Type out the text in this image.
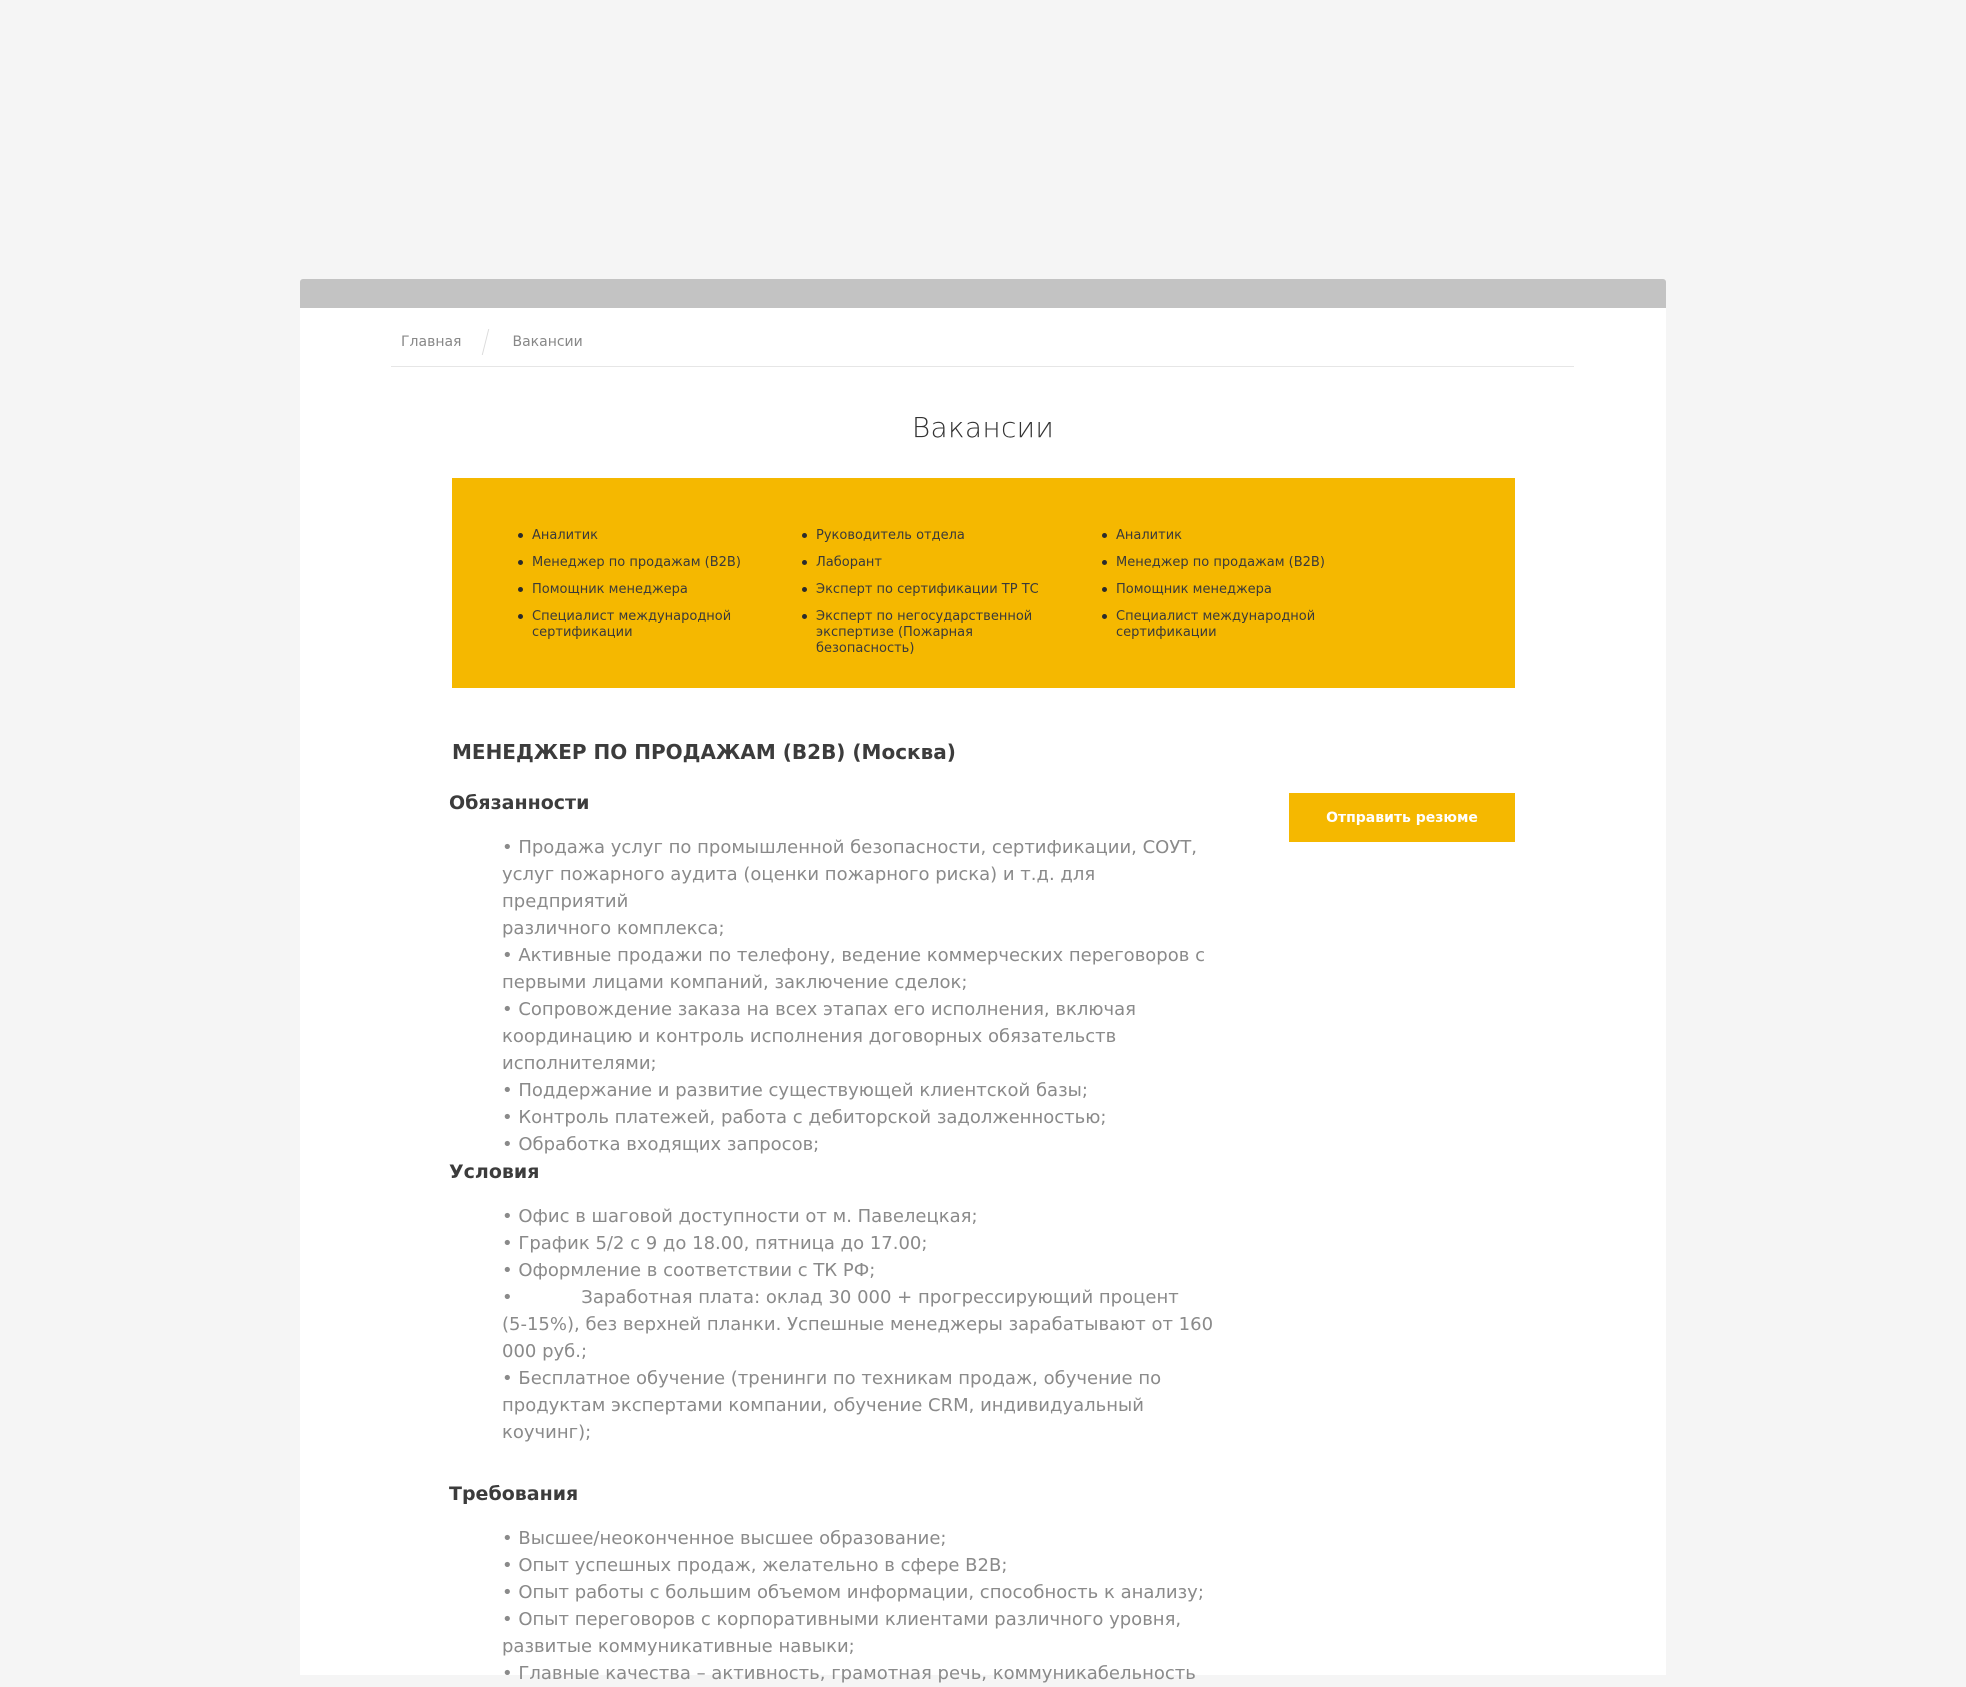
Главная	Вакансии
Вакансии
Аналитик
Менеджер по продажам (B2B)
Помощник менеджера
Специалист международной сертификации
Руководитель отдела
Лаборант
Эксперт по сертификации ТР ТС
Эксперт по негосударственной экспертизе (Пожарная безопасность)
Аналитик
Менеджер по продажам (B2B)
Помощник менеджера
Специалист международной сертификации
МЕНЕДЖЕР ПО ПРОДАЖАМ (B2B) (Москва)
Отправить резюме
Обязанности
• Продажа услуг по промышленной безопасности, сертификации, СОУТ,
услуг пожарного аудита (оценки пожарного риска) и т.д. для предприятий
различного комплекса;
• Активные продажи по телефону, ведение коммерческих переговоров с
первыми лицами компаний, заключение сделок;
• Сопровождение заказа на всех этапах его исполнения, включая
координацию и контроль исполнения договорных обязательств
исполнителями;
• Поддержание и развитие существующей клиентской базы;
• Контроль платежей, работа с дебиторской задолженностью;
• Обработка входящих запросов;
Условия
• Офис в шаговой доступности от м. Павелецкая;
• График 5/2 с 9 до 18.00, пятница до 17.00;
• Оформление в соответствии с ТК РФ;
•            Заработная плата: оклад 30 000 + прогрессирующий процент
(5-15%), без верхней планки. Успешные менеджеры зарабатывают от 160
000 руб.;
• Бесплатное обучение (тренинги по техникам продаж, обучение по
продуктам экспертами компании, обучение CRM, индивидуальный коучинг);
Требования
• Высшее/неоконченное высшее образование;
• Опыт успешных продаж, желательно в сфере B2B;
• Опыт работы с большим объемом информации, способность к анализу;
• Опыт переговоров с корпоративными клиентами различного уровня,
развитые коммуникативные навыки;
• Главные качества – активность, грамотная речь, коммуникабельность
